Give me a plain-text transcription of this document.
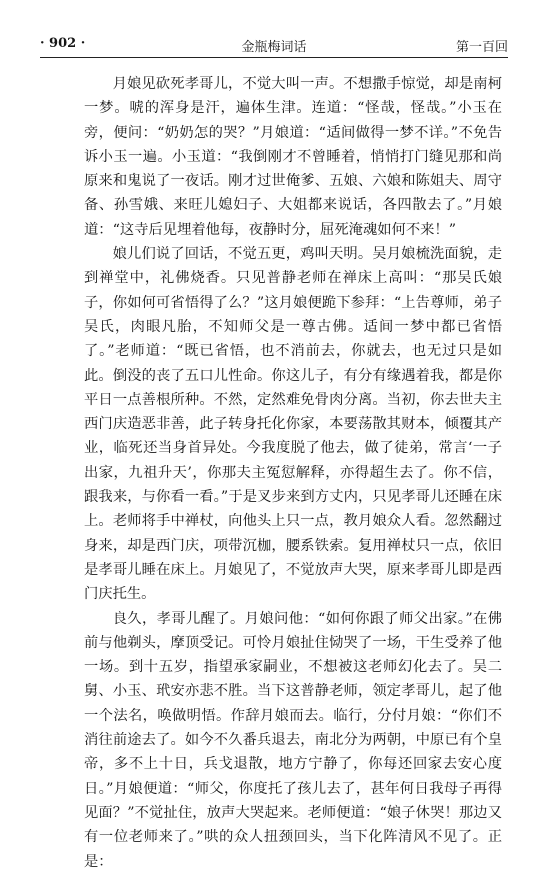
· 902 ·	金瓶梅词话	第一百回

月娘见砍死孝哥儿，不觉大叫一声。不想撒手惊觉，却是南柯一梦。唬的浑身是汗，遍体生津。连道：“怪哉，怪哉。”小玉在旁，便问：“奶奶怎的哭？”月娘道：“适间做得一梦不详。”不免告诉小玉一遍。小玉道：“我倒刚才不曾睡着，悄悄打门缝见那和尚原来和鬼说了一夜话。刚才过世俺爹、五娘、六娘和陈姐夫、周守备、孙雪娥、来旺儿媳妇子、大姐都来说话，各四散去了。”月娘道：“这寺后见埋着他每，夜静时分，屈死淹魂如何不来！”

娘儿们说了回话，不觉五更，鸡叫天明。吴月娘梳洗面貌，走到禅堂中，礼佛烧香。只见普静老师在禅床上高叫：“那吴氏娘子，你如何可省悟得了么？”这月娘便跪下参拜：“上告尊师，弟子吴氏，肉眼凡胎，不知师父是一尊古佛。适间一梦中都已省悟了。”老师道：“既已省悟，也不消前去，你就去，也无过只是如此。倒没的丧了五口儿性命。你这儿子，有分有缘遇着我，都是你平日一点善根所种。不然，定然难免骨肉分离。当初，你去世夫主西门庆造恶非善，此子转身托化你家，本要荡散其财本，倾覆其产业，临死还当身首异处。今我度脱了他去，做了徒弟，常言‘一子出家，九祖升天’，你那夫主冤愆解释，亦得超生去了。你不信，跟我来，与你看一看。”于是叉步来到方丈内，只见孝哥儿还睡在床上。老师将手中禅杖，向他头上只一点，教月娘众人看。忽然翻过身来，却是西门庆，项带沉枷，腰系铁索。复用禅杖只一点，依旧是孝哥儿睡在床上。月娘见了，不觉放声大哭，原来孝哥儿即是西门庆托生。

良久，孝哥儿醒了。月娘问他：“如何你跟了师父出家。”在佛前与他剃头，摩顶受记。可怜月娘扯住恸哭了一场，干生受养了他一场。到十五岁，指望承家嗣业，不想被这老师幻化去了。吴二舅、小玉、玳安亦悲不胜。当下这普静老师，领定孝哥儿，起了他一个法名，唤做明悟。作辞月娘而去。临行，分付月娘：“你们不消往前途去了。如今不久番兵退去，南北分为两朝，中原已有个皇帝，多不上十日，兵戈退散，地方宁静了，你每还回家去安心度日。”月娘便道：“师父，你度托了孩儿去了，甚年何日我母子再得见面？”不觉扯住，放声大哭起来。老师便道：“娘子休哭！那边又有一位老师来了。”哄的众人扭颈回头，当下化阵清风不见了。正是：
